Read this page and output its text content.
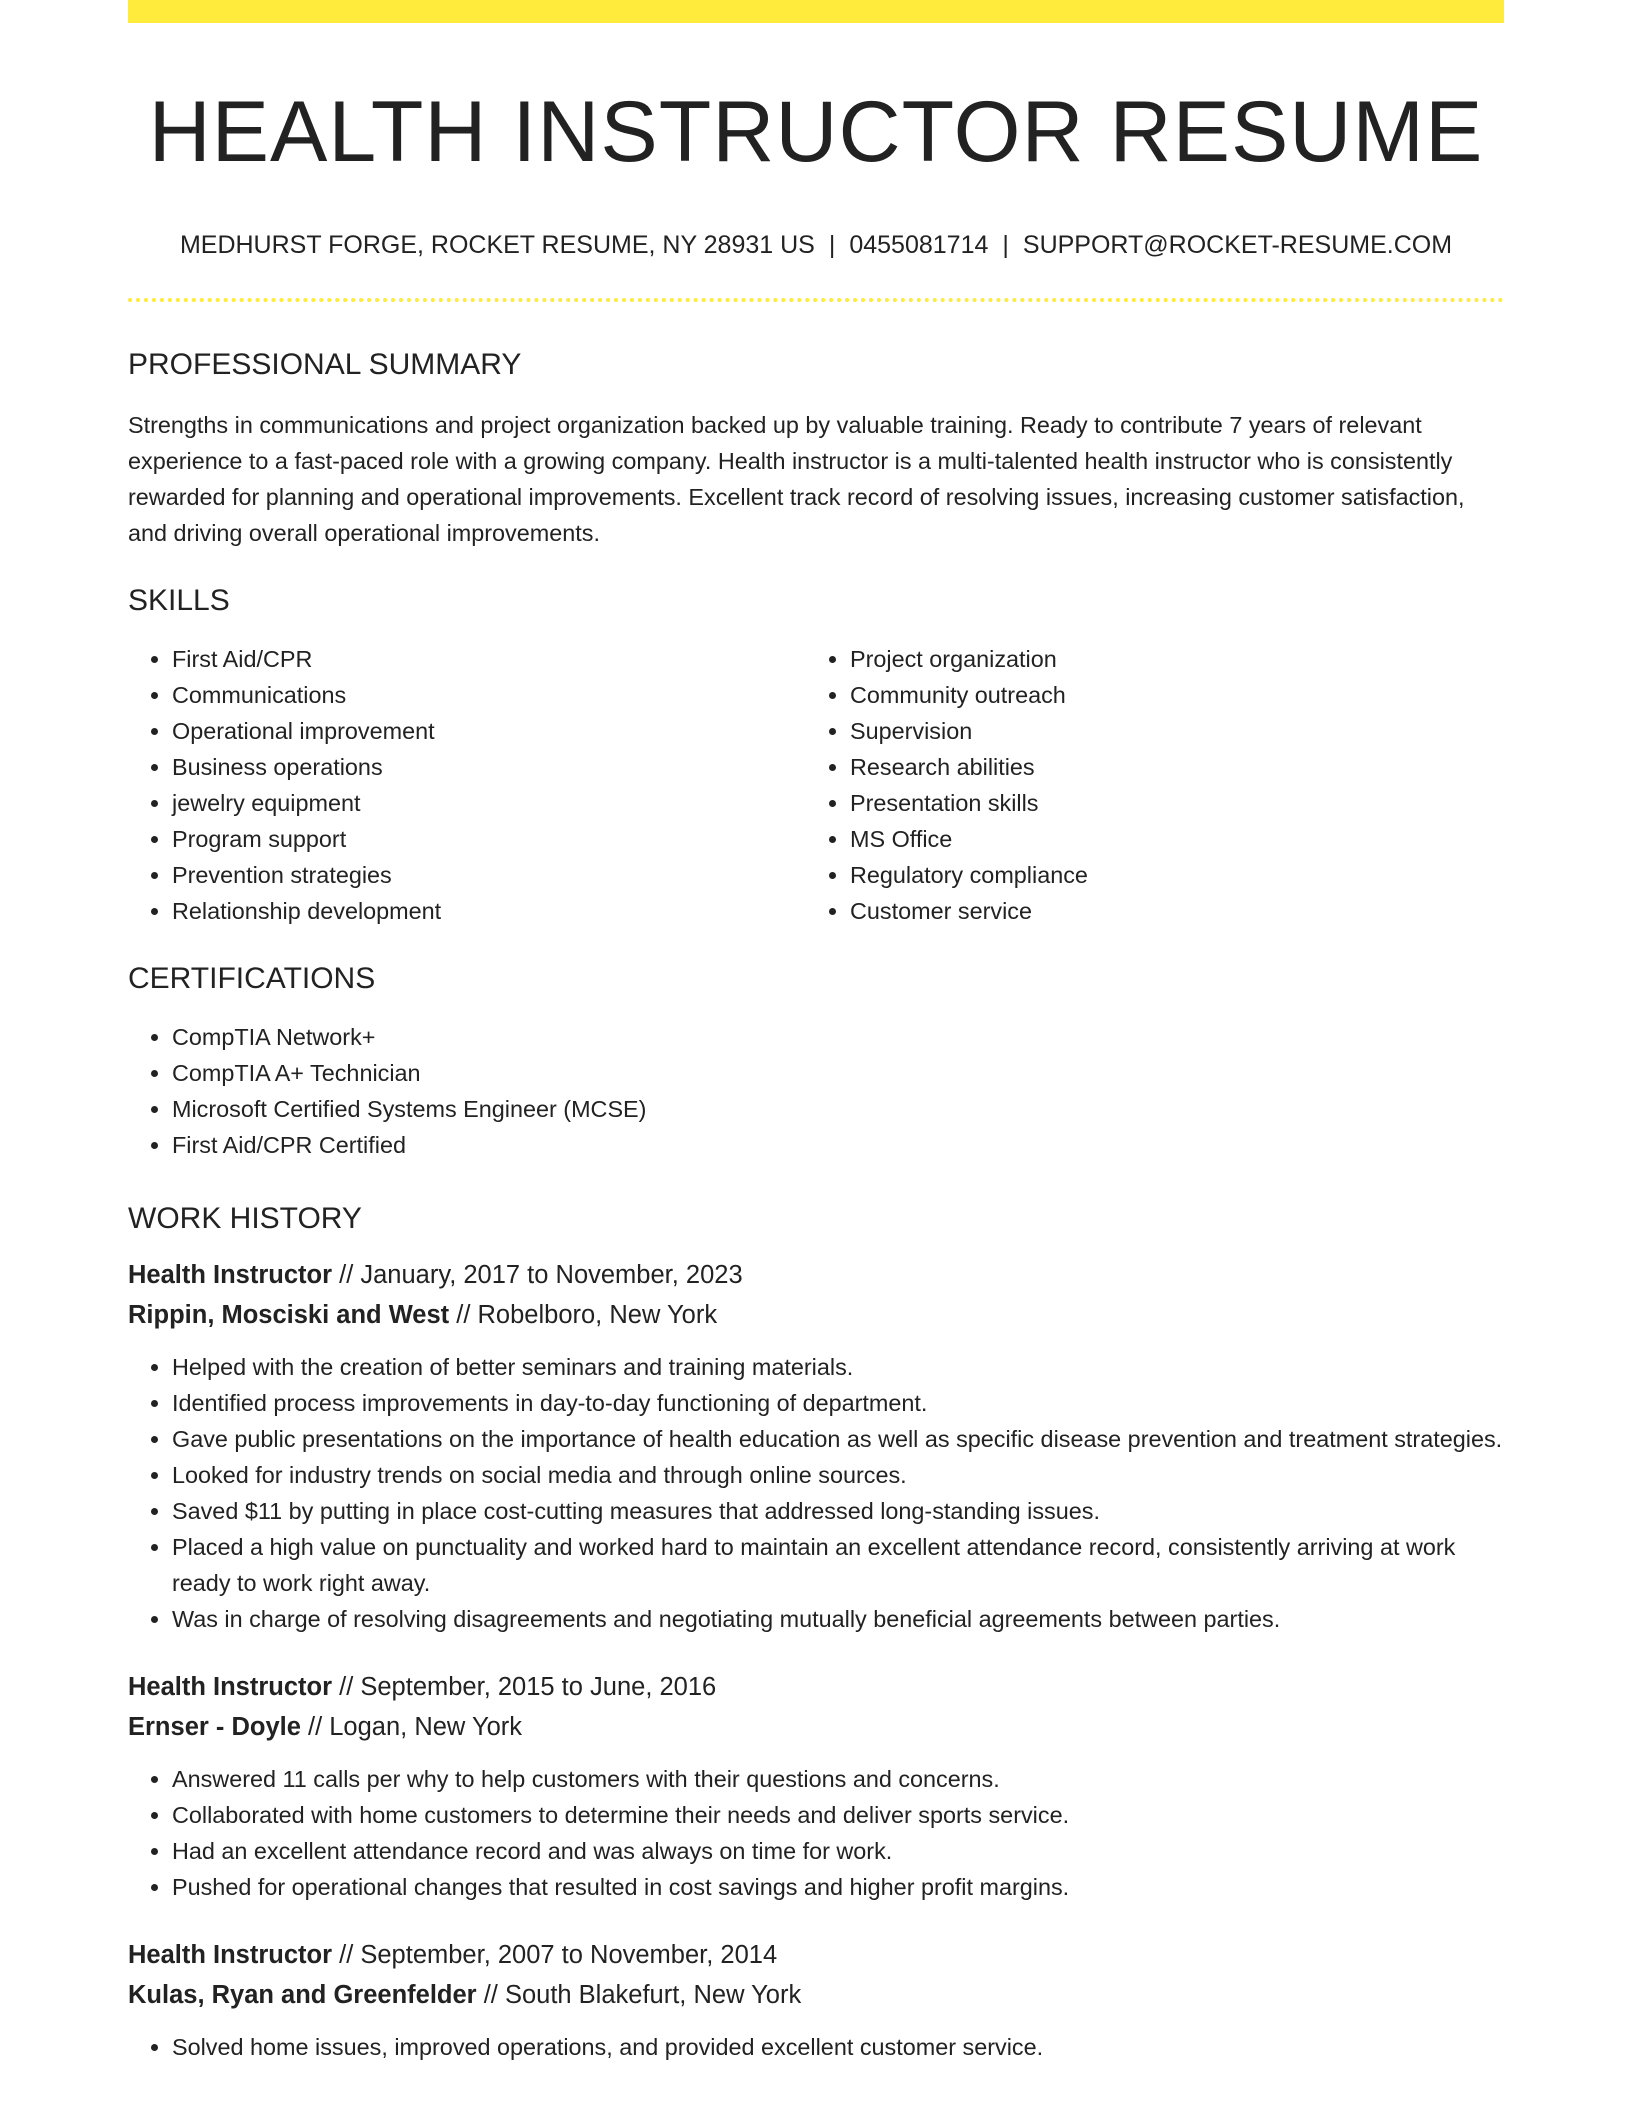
HEALTH INSTRUCTOR RESUME
MEDHURST FORGE, ROCKET RESUME, NY 28931 US | 0455081714 | SUPPORT@ROCKET-RESUME.COM
PROFESSIONAL SUMMARY

Strengths in communications and project organization backed up by valuable training. Ready to contribute 7 years of relevant experience to a fast-paced role with a growing company. Health instructor is a multi-talented health instructor who is consistently rewarded for planning and operational improvements. Excellent track record of resolving issues, increasing customer satisfaction, and driving overall operational improvements.

SKILLS
• First Aid/CPR
• Communications
• Operational improvement
• Business operations
• jewelry equipment
• Program support
• Prevention strategies
• Relationship development
• Project organization
• Community outreach
• Supervision
• Research abilities
• Presentation skills
• MS Office
• Regulatory compliance
• Customer service
CERTIFICATIONS
• CompTIA Network+
• CompTIA A+ Technician
• Microsoft Certified Systems Engineer (MCSE)
• First Aid/CPR Certified
WORK HISTORY
Health Instructor // January, 2017 to November, 2023
Rippin, Mosciski and West // Robelboro, New York
• Helped with the creation of better seminars and training materials.
• Identified process improvements in day-to-day functioning of department.
• Gave public presentations on the importance of health education as well as specific disease prevention and treatment strategies.
• Looked for industry trends on social media and through online sources.
• Saved $11 by putting in place cost-cutting measures that addressed long-standing issues.
• Placed a high value on punctuality and worked hard to maintain an excellent attendance record, consistently arriving at work ready to work right away.
• Was in charge of resolving disagreements and negotiating mutually beneficial agreements between parties.
Health Instructor // September, 2015 to June, 2016
Ernser - Doyle // Logan, New York
• Answered 11 calls per why to help customers with their questions and concerns.
• Collaborated with home customers to determine their needs and deliver sports service.
• Had an excellent attendance record and was always on time for work.
• Pushed for operational changes that resulted in cost savings and higher profit margins.
Health Instructor // September, 2007 to November, 2014
Kulas, Ryan and Greenfelder // South Blakefurt, New York
• Solved home issues, improved operations, and provided excellent customer service.
